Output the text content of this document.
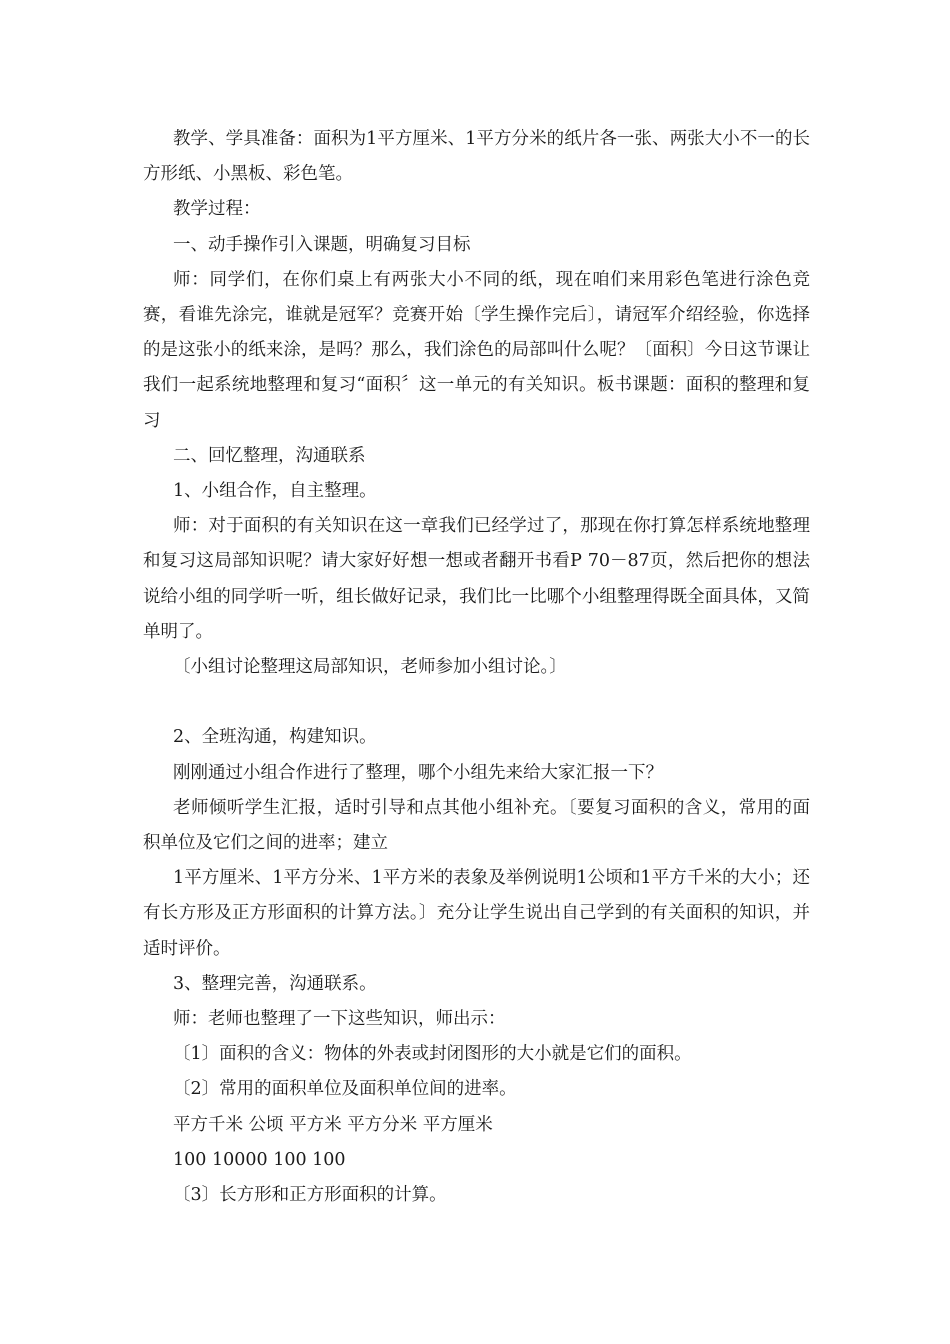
教学、学具准备：面积为1平方厘米、1平方分米的纸片各一张、两张大小不一的长方形纸、小黑板、彩色笔。

教学过程：

一、动手操作引入课题，明确复习目标

师：同学们，在你们桌上有两张大小不同的纸，现在咱们来用彩色笔进行涂色竞赛，看谁先涂完，谁就是冠军？竞赛开始〔学生操作完后〕，请冠军介绍经验，你选择的是这张小的纸来涂，是吗？那么，我们涂色的局部叫什么呢？〔面积〕今日这节课让我们一起系统地整理和复习“面积〞这一单元的有关知识。板书课题：面积的整理和复习

二、回忆整理，沟通联系

1、小组合作，自主整理。

师：对于面积的有关知识在这一章我们已经学过了，那现在你打算怎样系统地整理和复习这局部知识呢？请大家好好想一想或者翻开书看P 70－87页，然后把你的想法说给小组的同学听一听，组长做好记录，我们比一比哪个小组整理得既全面具体，又简单明了。

〔小组讨论整理这局部知识，老师参加小组讨论。〕

2、全班沟通，构建知识。

刚刚通过小组合作进行了整理，哪个小组先来给大家汇报一下？

老师倾听学生汇报，适时引导和点其他小组补充。〔要复习面积的含义，常用的面积单位及它们之间的进率；建立

1平方厘米、1平方分米、1平方米的表象及举例说明1公顷和1平方千米的大小；还有长方形及正方形面积的计算方法。〕充分让学生说出自己学到的有关面积的知识，并适时评价。

3、整理完善，沟通联系。

师：老师也整理了一下这些知识，师出示：

〔1〕面积的含义：物体的外表或封闭图形的大小就是它们的面积。

〔2〕常用的面积单位及面积单位间的进率。

平方千米 公顷 平方米 平方分米 平方厘米

100 10000 100 100

〔3〕长方形和正方形面积的计算。
